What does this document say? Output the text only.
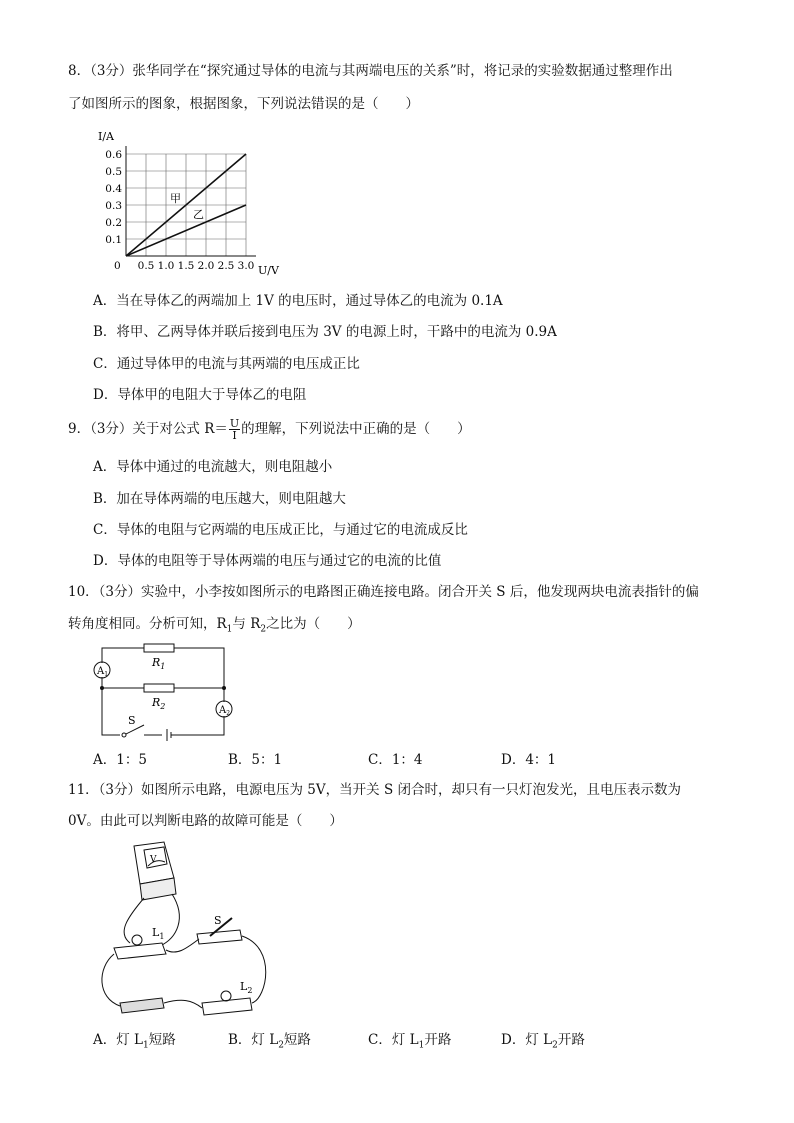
8．（3分）张华同学在“探究通过导体的电流与其两端电压的关系”时，将记录的实验数据通过整理作出
了如图所示的图象，根据图象，下列说法错误的是（　　）
0.1
0.2
0.3
0.4
0.5
0.6
0 0.5 1.0 1.5 2.0 2.5 3.0
I/A
U/V
甲
乙
A．当在导体乙的两端加上 1V 的电压时，通过导体乙的电流为 0.1A
B．将甲、乙两导体并联后接到电压为 3V 的电源上时，干路中的电流为 0.9A
C．通过导体甲的电流与其两端的电压成正比
D．导体甲的电阻大于导体乙的电阻
9．（3分）关于对公式 $R= \frac{U}{I}$ 的理解，下列说法中正确的是（　　）
A．导体中通过的电流越大，则电阻越小
B．加在导体两端的电压越大，则电阻越大
C．导体的电阻与它两端的电压成正比，与通过它的电流成反比
D．导体的电阻等于导体两端的电压与通过它的电流的比值
10．（3分）实验中，小李按如图所示的电路图正确连接电路。闭合开关 S 后，他发现两块电流表指针的偏
转角度相同。分析可知，$R_1$与 $R_2$之比为（　　）
$R_1$
$R_2$
$A_1$
$A_2$
S
A．1：5	B．5：1	C．1：4	D．4：1
11．（3分）如图所示电路，电源电压为 5V，当开关 S 闭合时，却只有一只灯泡发光，且电压表示数为
0V。由此可以判断电路的故障可能是（　　）
V
$L_1$
S
$L_2$
A．灯 $L_1$短路	B．灯 $L_2$短路	C．灯 $L_1$开路	D．灯 $L_2$开路
